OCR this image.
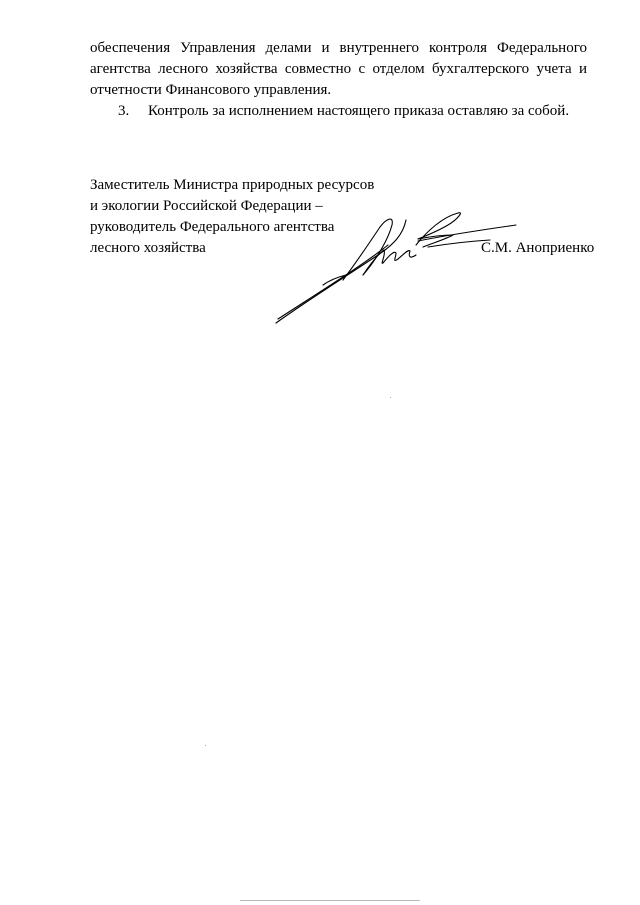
обеспечения Управления делами и внутреннего контроля Федерального
агентства лесного хозяйства совместно с отделом бухгалтерского учета и
отчетности Финансового управления.

3. Контроль за исполнением настоящего приказа оставляю за собой.
Заместитель Министра природных ресурсов
и экологии Российской Федерации –
руководитель Федерального агентства
лесного хозяйства	С.М. Аноприенко
